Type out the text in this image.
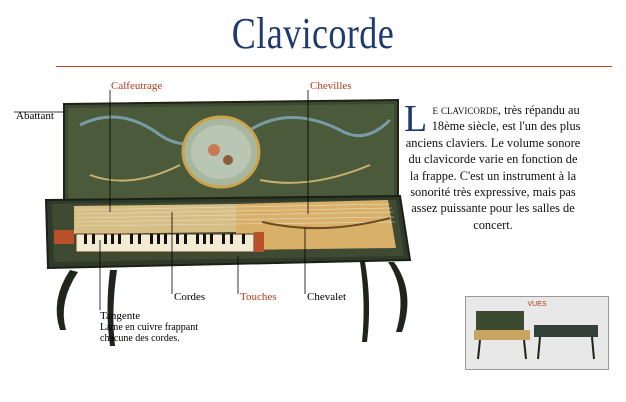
Clavicorde
Calfeutrage	Chevilles
Abattant
Cordes	Touches	Chevalet
Tangente
Lame en cuivre frappant
chacune des cordes.
Le clavicorde, très répandu au 18ème siècle, est l'un des plus anciens claviers. Le volume sonore du clavicorde varie en fonction de la frappe. C'est un instrument à la sonorité très expressive, mais pas assez puissante pour les salles de concert.
VUES
